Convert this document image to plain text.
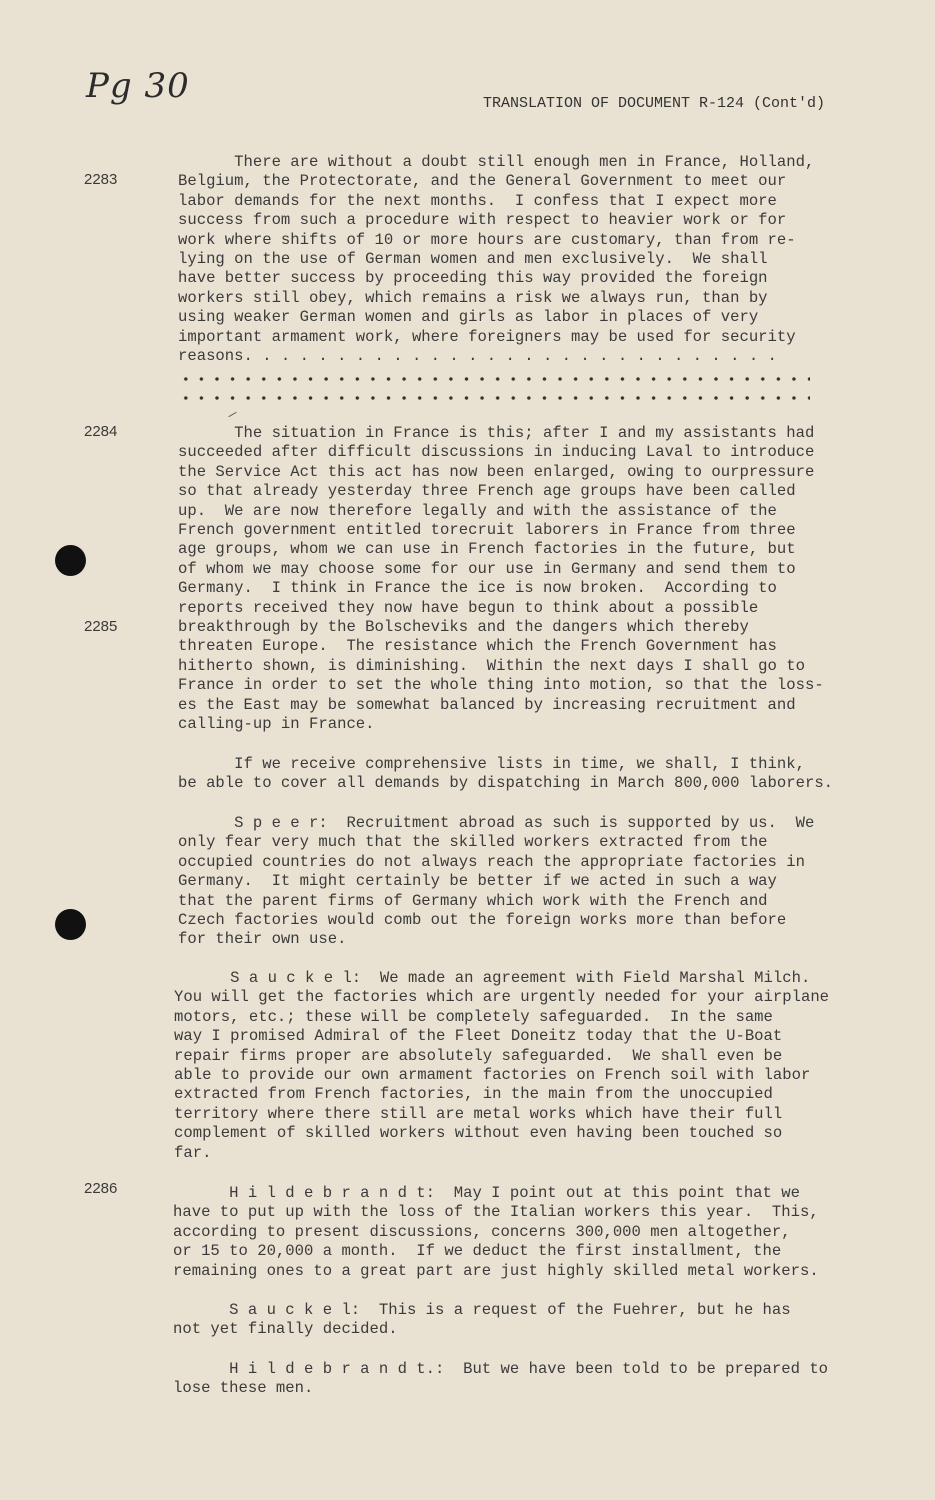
Pg 30	TRANSLATION OF DOCUMENT R-124 (Cont'd)
2283
2284
2285
2286
There are without a doubt still enough men in France, Holland,
Belgium, the Protectorate, and the General Government to meet our
labor demands for the next months.  I confess that I expect more
success from such a procedure with respect to heavier work or for
work where shifts of 10 or more hours are customary, than from re-
lying on the use of German women and men exclusively.  We shall
have better success by proceeding this way provided the foreign
workers still obey, which remains a risk we always run, than by
using weaker German women and girls as labor in places of very
important armament work, where foreigners may be used for security
reasons. . . . . . . . . . . . . . . . . . . . . . . . . . . . .
The situation in France is this; after I and my assistants had
succeeded after difficult discussions in inducing Laval to introduce
the Service Act this act has now been enlarged, owing to ourpressure
so that already yesterday three French age groups have been called
up.  We are now therefore legally and with the assistance of the
French government entitled torecruit laborers in France from three
age groups, whom we can use in French factories in the future, but
of whom we may choose some for our use in Germany and send them to
Germany.  I think in France the ice is now broken.  According to
reports received they now have begun to think about a possible
breakthrough by the Bolscheviks and the dangers which thereby
threaten Europe.  The resistance which the French Government has
hitherto shown, is diminishing.  Within the next days I shall go to
France in order to set the whole thing into motion, so that the loss-
es the East may be somewhat balanced by increasing recruitment and
calling-up in France.
If we receive comprehensive lists in time, we shall, I think,
be able to cover all demands by dispatching in March 800,000 laborers.
S p e e r:  Recruitment abroad as such is supported by us.  We
only fear very much that the skilled workers extracted from the
occupied countries do not always reach the appropriate factories in
Germany.  It might certainly be better if we acted in such a way
that the parent firms of Germany which work with the French and
Czech factories would comb out the foreign works more than before
for their own use.
S a u c k e l:  We made an agreement with Field Marshal Milch.
You will get the factories which are urgently needed for your airplane
motors, etc.; these will be completely safeguarded.  In the same
way I promised Admiral of the Fleet Doneitz today that the U-Boat
repair firms proper are absolutely safeguarded.  We shall even be
able to provide our own armament factories on French soil with labor
extracted from French factories, in the main from the unoccupied
territory where there still are metal works which have their full
complement of skilled workers without even having been touched so
far.
H i l d e b r a n d t:  May I point out at this point that we
have to put up with the loss of the Italian workers this year.  This,
according to present discussions, concerns 300,000 men altogether,
or 15 to 20,000 a month.  If we deduct the first installment, the
remaining ones to a great part are just highly skilled metal workers.
S a u c k e l:  This is a request of the Fuehrer, but he has
not yet finally decided.
H i l d e b r a n d t.:  But we have been told to be prepared to
lose these men.
